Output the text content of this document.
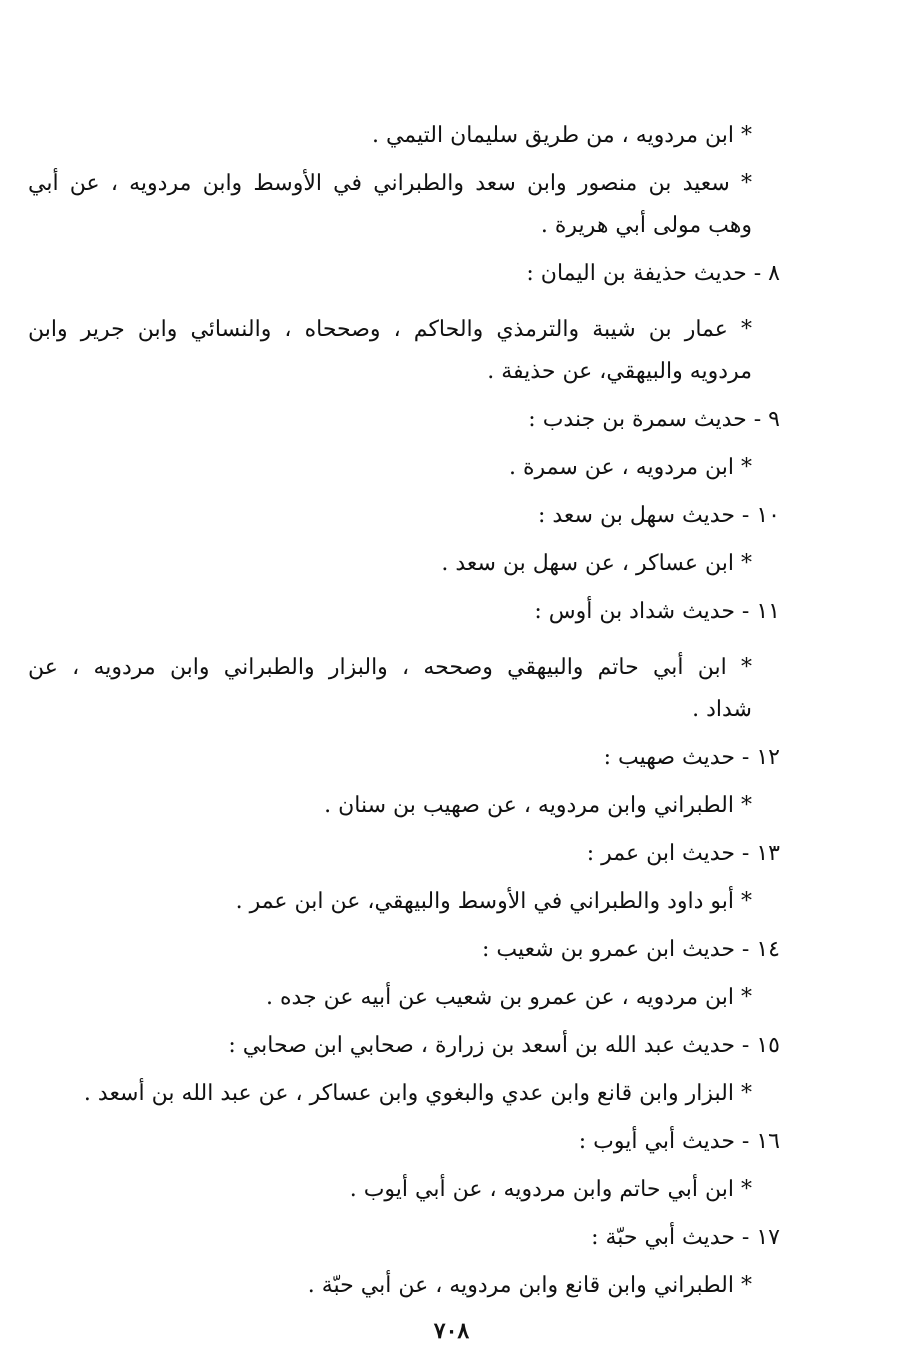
* ابن مردويه ، من طريق سليمان التيمي .
* سعيد بن منصور وابن سعد والطبراني في الأوسط وابن مردويه ، عن أبي
وهب مولى أبي هريرة .
٨ - حديث حذيفة بن اليمان :
* عمار بن شيبة والترمذي والحاكم ، وصححاه ، والنسائي وابن جرير وابن
مردويه والبيهقي، عن حذيفة .
٩ - حديث سمرة بن جندب :
* ابن مردويه ، عن سمرة .
١٠ - حديث سهل بن سعد :
* ابن عساكر ، عن سهل بن سعد .
١١ - حديث شداد بن أوس :
* ابن أبي حاتم والبيهقي وصححه ، والبزار والطبراني وابن مردويه ، عن
شداد .
١٢ - حديث صهيب :
* الطبراني وابن مردويه ، عن صهيب بن سنان .
١٣ - حديث ابن عمر :
* أبو داود والطبراني في الأوسط والبيهقي، عن ابن عمر .
١٤ - حديث ابن عمرو بن شعيب :
* ابن مردويه ، عن عمرو بن شعيب عن أبيه عن جده .
١٥ - حديث عبد الله بن أسعد بن زرارة ، صحابي ابن صحابي :
* البزار وابن قانع وابن عدي والبغوي وابن عساكر ، عن عبد الله بن أسعد .
١٦ - حديث أبي أيوب :
* ابن أبي حاتم وابن مردويه ، عن أبي أيوب .
١٧ - حديث أبي حبّة :
* الطبراني وابن قانع وابن مردويه ، عن أبي حبّة .
٧٠٨
